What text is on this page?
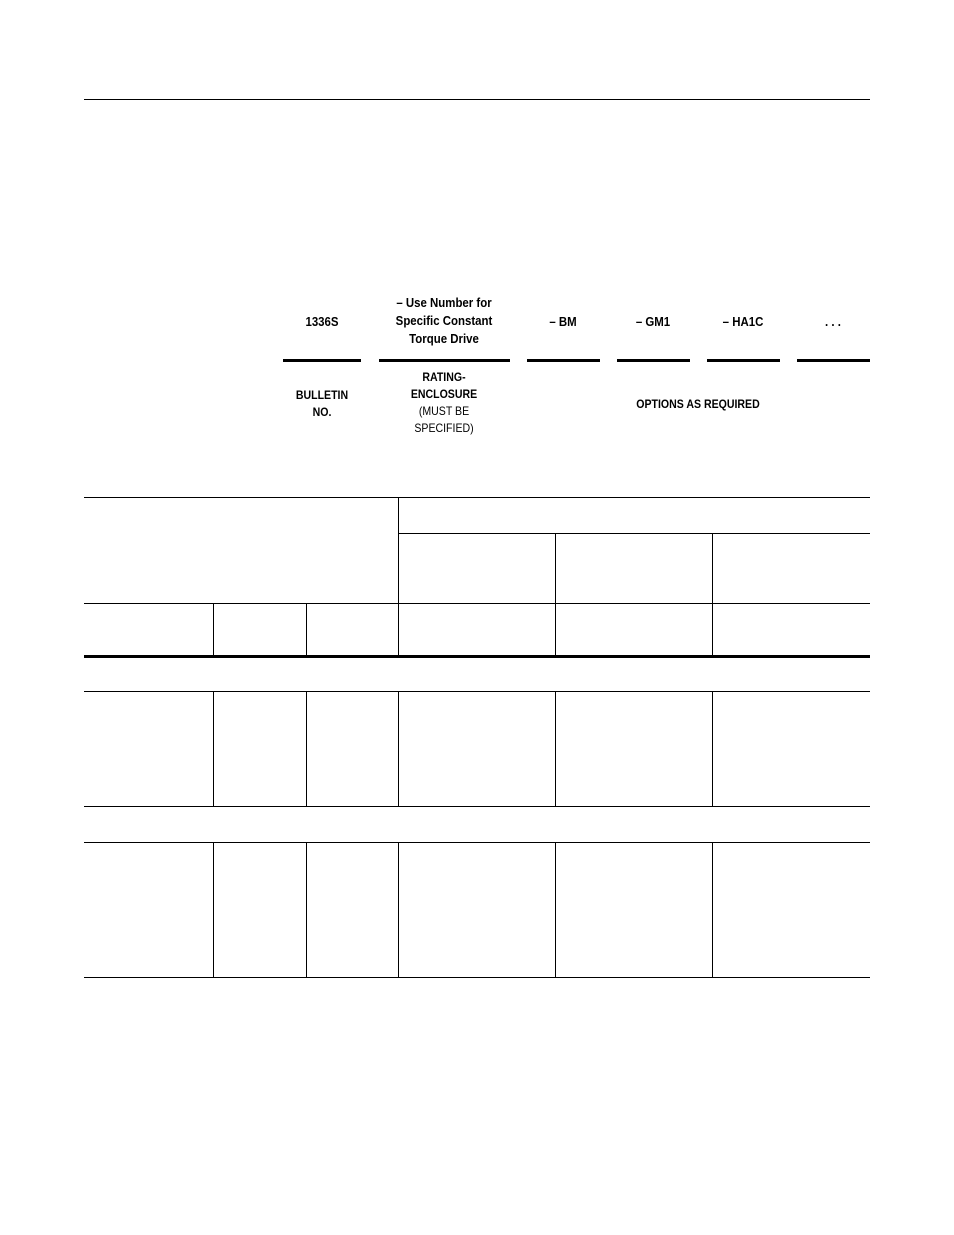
1336S
– Use Number for Specific Constant Torque Drive
– BM	– GM1	– HA1C	. . .
BULLETIN NO.
RATING- ENCLOSURE
(MUST BE SPECIFIED)
OPTIONS AS REQUIRED
